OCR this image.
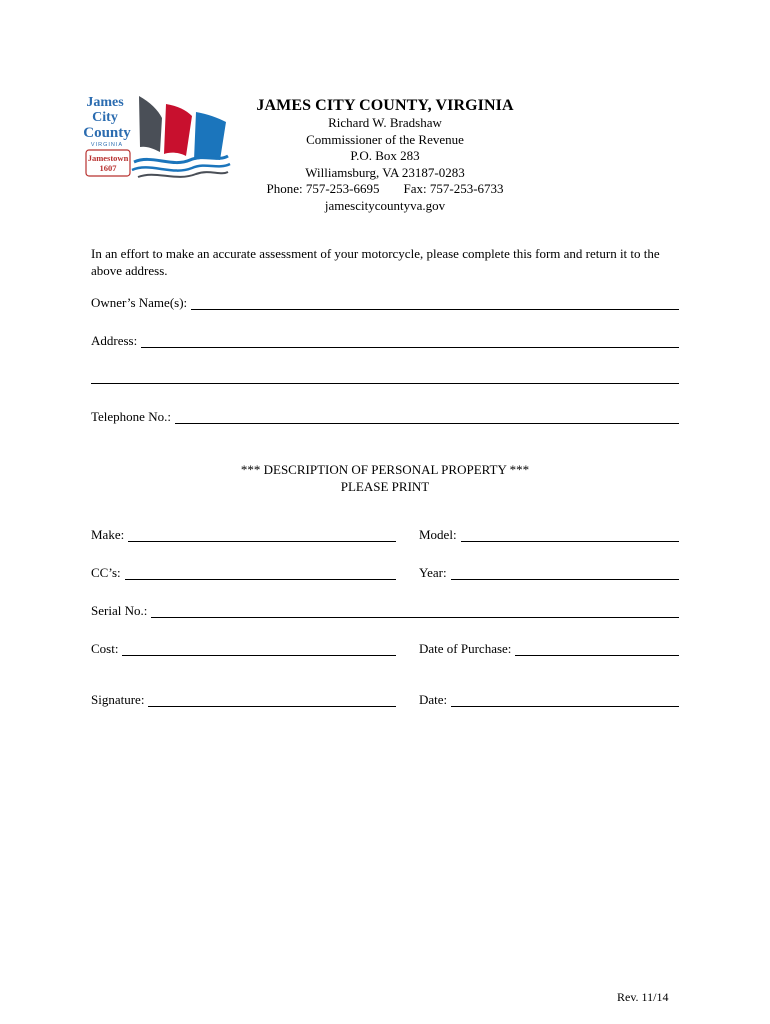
James
City
County
VIRGINIA
Jamestown
1607
JAMES CITY COUNTY, VIRGINIA
Richard W. Bradshaw
Commissioner of the Revenue
P.O. Box 283
Williamsburg, VA 23187-0283
Phone: 757-253-6695 Fax: 757-253-6733
jamescitycountyva.gov
In an effort to make an accurate assessment of your motorcycle, please complete this form and return it to the above address.
Owner’s Name(s):
Address:
Telephone No.:
*** DESCRIPTION OF PERSONAL PROPERTY ***
PLEASE PRINT
Make:	Model:
CC’s:	Year:
Serial No.:
Cost:	Date of Purchase:
Signature:	Date:
Rev. 11/14
